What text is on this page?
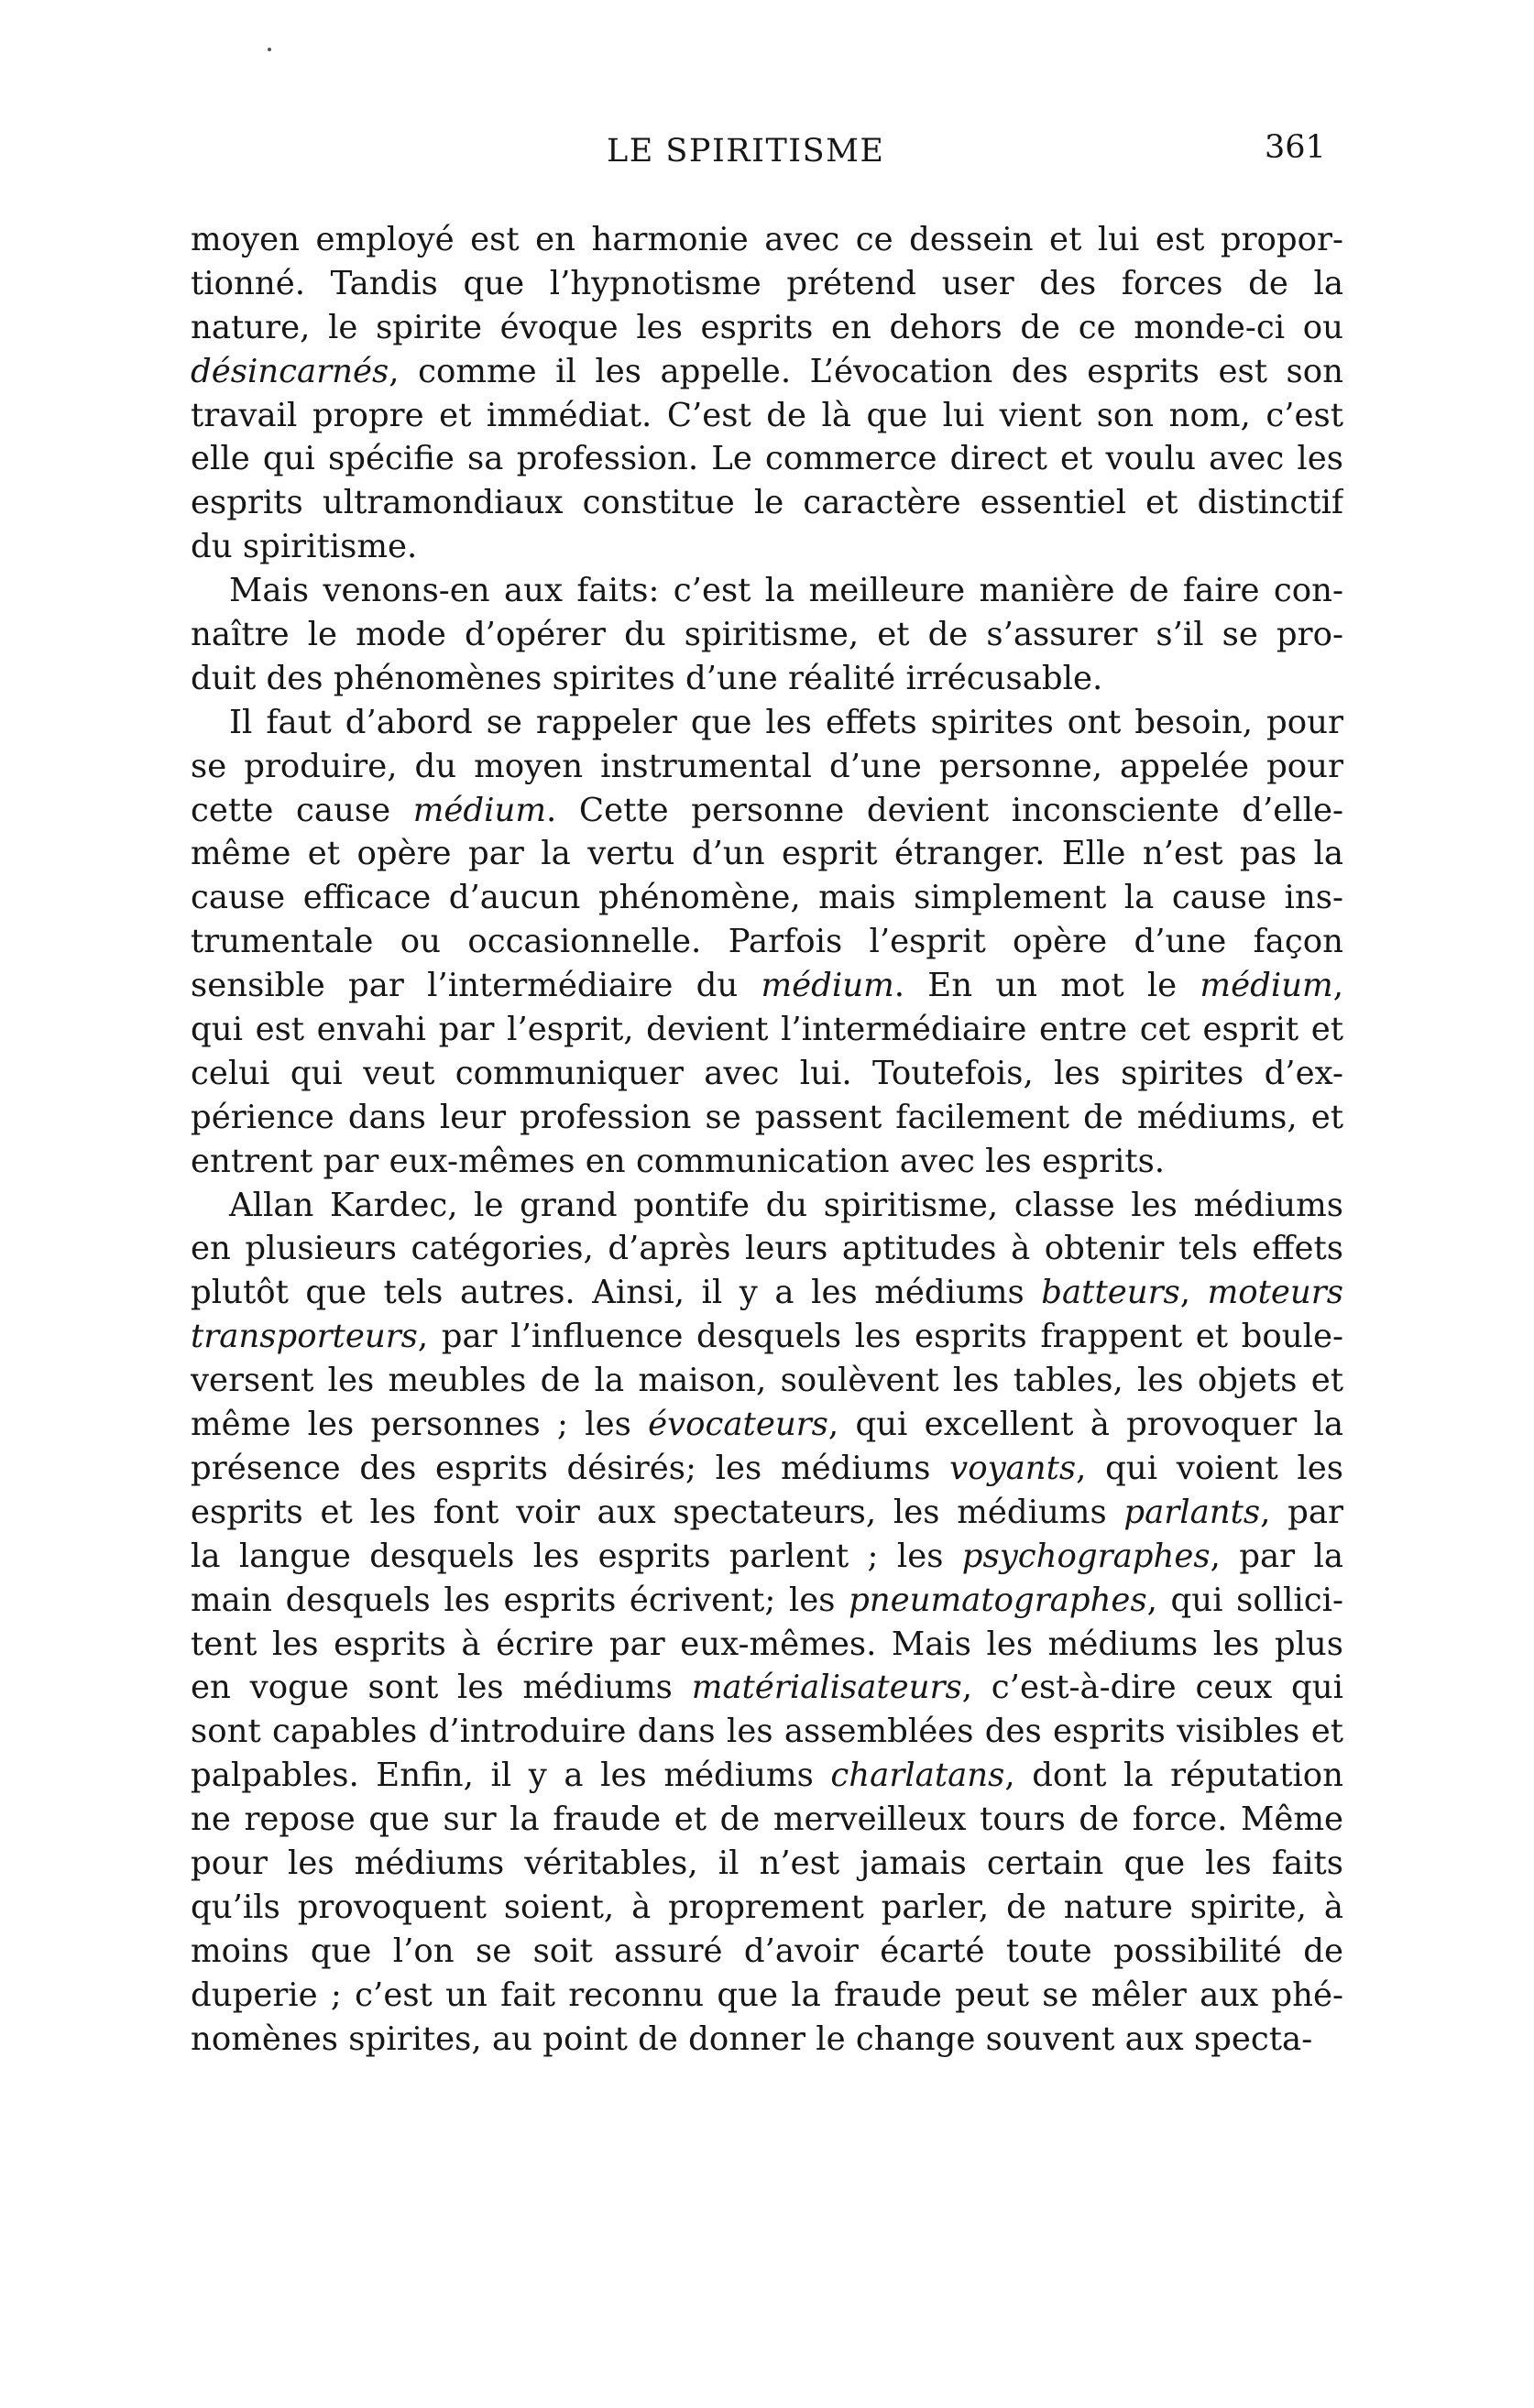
LE SPIRITISME	361
moyen employé est en harmonie avec ce dessein et lui est propor-
tionné. Tandis que l’hypnotisme prétend user des forces de la
nature, le spirite évoque les esprits en dehors de ce monde-ci ou
désincarnés, comme il les appelle. L’évocation des esprits est son
travail propre et immédiat. C’est de là que lui vient son nom, c’est
elle qui spécifie sa profession. Le commerce direct et voulu avec les
esprits ultramondiaux constitue le caractère essentiel et distinctif
du spiritisme.
Mais venons-en aux faits: c’est la meilleure manière de faire con-
naître le mode d’opérer du spiritisme, et de s’assurer s’il se pro-
duit des phénomènes spirites d’une réalité irrécusable.
Il faut d’abord se rappeler que les effets spirites ont besoin, pour
se produire, du moyen instrumental d’une personne, appelée pour
cette cause médium. Cette personne devient inconsciente d’elle-
même et opère par la vertu d’un esprit étranger. Elle n’est pas la
cause efficace d’aucun phénomène, mais simplement la cause ins-
trumentale ou occasionnelle. Parfois l’esprit opère d’une façon
sensible par l’intermédiaire du médium. En un mot le médium,
qui est envahi par l’esprit, devient l’intermédiaire entre cet esprit et
celui qui veut communiquer avec lui. Toutefois, les spirites d’ex-
périence dans leur profession se passent facilement de médiums, et
entrent par eux-mêmes en communication avec les esprits.
Allan Kardec, le grand pontife du spiritisme, classe les médiums
en plusieurs catégories, d’après leurs aptitudes à obtenir tels effets
plutôt que tels autres. Ainsi, il y a les médiums batteurs, moteurs
transporteurs, par l’influence desquels les esprits frappent et boule-
versent les meubles de la maison, soulèvent les tables, les objets et
même les personnes ; les évocateurs, qui excellent à provoquer la
présence des esprits désirés; les médiums voyants, qui voient les
esprits et les font voir aux spectateurs, les médiums parlants, par
la langue desquels les esprits parlent ; les psychographes, par la
main desquels les esprits écrivent; les pneumatographes, qui sollici-
tent les esprits à écrire par eux-mêmes. Mais les médiums les plus
en vogue sont les médiums matérialisateurs, c’est-à-dire ceux qui
sont capables d’introduire dans les assemblées des esprits visibles et
palpables. Enfin, il y a les médiums charlatans, dont la réputation
ne repose que sur la fraude et de merveilleux tours de force. Même
pour les médiums véritables, il n’est jamais certain que les faits
qu’ils provoquent soient, à proprement parler, de nature spirite, à
moins que l’on se soit assuré d’avoir écarté toute possibilité de
duperie ; c’est un fait reconnu que la fraude peut se mêler aux phé-
nomènes spirites, au point de donner le change souvent aux specta-
